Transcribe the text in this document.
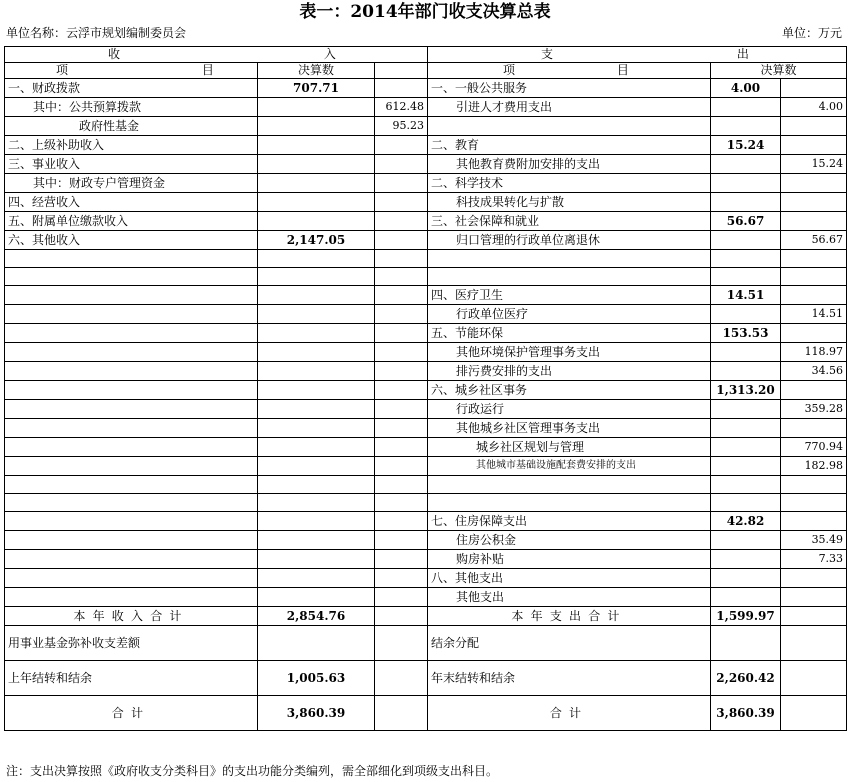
表一：2014年部门收支决算总表
单位名称：云浮市规划编制委员会	单位：万元
收 入			支 出		
项 目	决算数		项 目	决算数	
一、财政拨款	707.71		一、一般公共服务	4.00	
其中：公共预算拨款		612.48	引进人才费用支出		4.00
政府性基金		95.23			
二、上级补助收入			二、教育	15.24	
三、事业收入			其他教育费附加安排的支出		15.24
其中：财政专户管理资金			二、科学技术		
四、经营收入			科技成果转化与扩散		
五、附属单位缴款收入			三、社会保障和就业	56.67	
六、其他收入	2,147.05		归口管理的行政单位离退休		56.67

			四、医疗卫生	14.51	
			行政单位医疗		14.51
			五、节能环保	153.53	
			其他环境保护管理事务支出		118.97
			排污费安排的支出		34.56
			六、城乡社区事务	1,313.20	
			行政运行		359.28
			其他城乡社区管理事务支出		
			城乡社区规划与管理		770.94
			其他城市基础设施配套费安排的支出		182.98

			七、住房保障支出	42.82	
			住房公积金		35.49
			购房补贴		7.33
			八、其他支出		
			其他支出		
本年收入合计	2,854.76		本年支出合计	1,599.97	
用事业基金弥补收支差额			结余分配		
上年结转和结余	1,005.63		年末结转和结余	2,260.42	
合计	3,860.39		合计	3,860.39	
注：支出决算按照《政府收支分类科目》的支出功能分类编列，需全部细化到项级支出科目。
